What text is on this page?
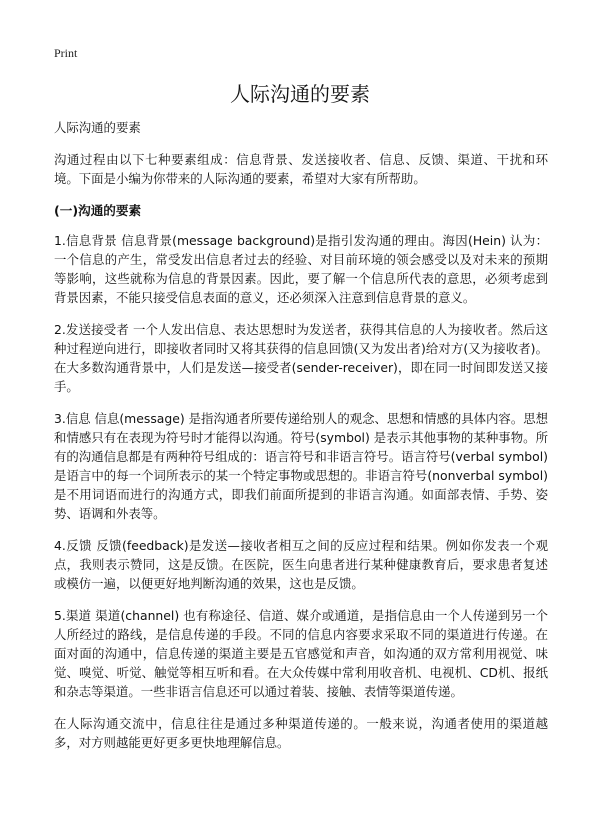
Print
人际沟通的要素

人际沟通的要素

沟通过程由以下七种要素组成：信息背景、发送接收者、信息、反馈、渠道、干扰和环境。下面是小编为你带来的人际沟通的要素，希望对大家有所帮助。

(一)沟通的要素

1.信息背景 信息背景(message background)是指引发沟通的理由。海因(Hein) 认为：一个信息的产生，常受发出信息者过去的经验、对目前环境的领会感受以及对未来的预期等影响，这些就称为信息的背景因素。因此，要了解一个信息所代表的意思，必须考虑到背景因素，不能只接受信息表面的意义，还必须深入注意到信息背景的意义。

2.发送接受者 一个人发出信息、表达思想时为发送者，获得其信息的人为接收者。然后这种过程逆向进行，即接收者同时又将其获得的信息回馈(又为发出者)给对方(又为接收者)。在大多数沟通背景中，人们是发送—接受者(sender-receiver)，即在同一时间即发送又接手。

3.信息 信息(message) 是指沟通者所要传递给别人的观念、思想和情感的具体内容。思想和情感只有在表现为符号时才能得以沟通。符号(symbol) 是表示其他事物的某种事物。所有的沟通信息都是有两种符号组成的：语言符号和非语言符号。语言符号(verbal symbol) 是语言中的每一个词所表示的某一个特定事物或思想的。非语言符号(nonverbal symbol) 是不用词语而进行的沟通方式，即我们前面所提到的非语言沟通。如面部表情、手势、姿势、语调和外表等。

4.反馈 反馈(feedback)是发送—接收者相互之间的反应过程和结果。例如你发表一个观点，我则表示赞同，这是反馈。在医院，医生向患者进行某种健康教育后，要求患者复述或模仿一遍，以便更好地判断沟通的效果，这也是反馈。

5.渠道 渠道(channel) 也有称途径、信道、媒介或通道，是指信息由一个人传递到另一个人所经过的路线，是信息传递的手段。不同的信息内容要求采取不同的渠道进行传递。在面对面的沟通中，信息传递的渠道主要是五官感觉和声音，如沟通的双方常利用视觉、味觉、嗅觉、听觉、触觉等相互听和看。在大众传媒中常利用收音机、电视机、CD机、报纸和杂志等渠道。一些非语言信息还可以通过着装、接触、表情等渠道传递。

在人际沟通交流中，信息往往是通过多种渠道传递的。一般来说，沟通者使用的渠道越多，对方则越能更好更多更快地理解信息。
